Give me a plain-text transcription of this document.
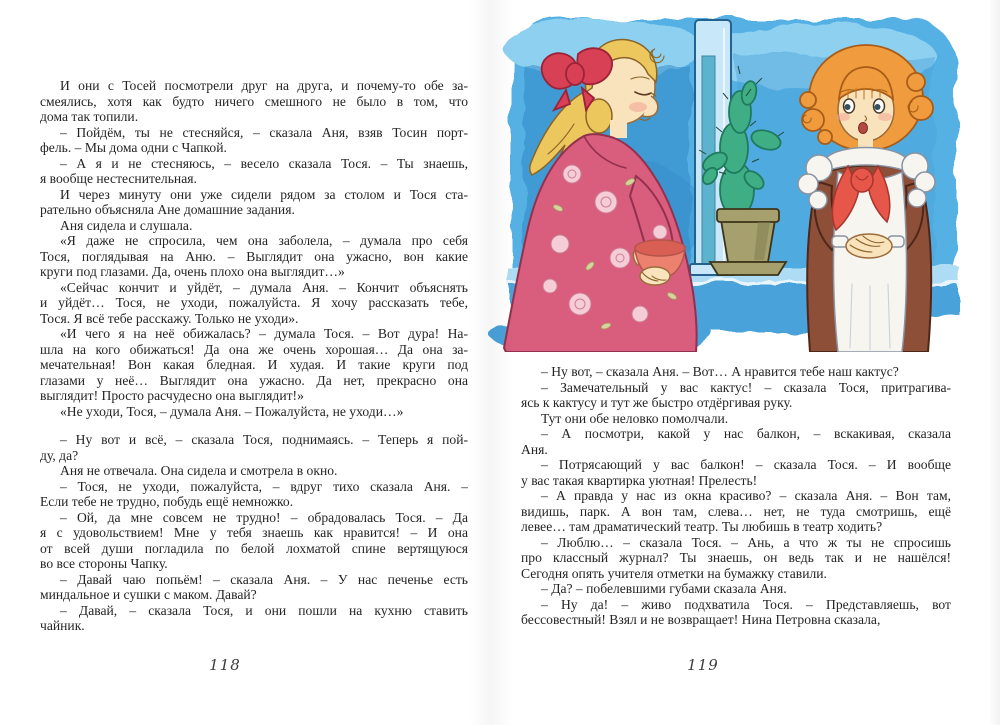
И они с Тосей посмотрели друг на друга, и почему-то обе за-
смеялись, хотя как будто ничего смешного не было в том, что
дома так топили.
– Пойдём, ты не стесняйся, – сказала Аня, взяв Тосин порт-
фель. – Мы дома одни с Чапкой.
– А я и не стесняюсь, – весело сказала Тося. – Ты знаешь,
я вообще нестеснительная.
И через минуту они уже сидели рядом за столом и Тося ста-
рательно объясняла Ане домашние задания.
Аня сидела и слушала.
«Я даже не спросила, чем она заболела, – думала про себя
Тося, поглядывая на Аню. – Выглядит она ужасно, вон какие
круги под глазами. Да, очень плохо она выглядит…»
«Сейчас кончит и уйдёт, – думала Аня. – Кончит объяснять
и уйдёт… Тося, не уходи, пожалуйста. Я хочу рассказать тебе,
Тося. Я всё тебе расскажу. Только не уходи».
«И чего я на неё обижалась? – думала Тося. – Вот дура! На-
шла на кого обижаться! Да она же очень хорошая… Да она за-
мечательная! Вон какая бледная. И худая. И такие круги под
глазами у неё… Выглядит она ужасно. Да нет, прекрасно она
выглядит! Просто расчудесно она выглядит!»
«Не уходи, Тося, – думала Аня. – Пожалуйста, не уходи…»
– Ну вот и всё, – сказала Тося, поднимаясь. – Теперь я пой-
ду, да?
Аня не отвечала. Она сидела и смотрела в окно.
– Тося, не уходи, пожалуйста, – вдруг тихо сказала Аня. –
Если тебе не трудно, побудь ещё немножко.
– Ой, да мне совсем не трудно! – обрадовалась Тося. – Да
я с удовольствием! Мне у тебя знаешь как нравится! – И она
от всей души погладила по белой лохматой спине вертящуюся
во все стороны Чапку.
– Давай чаю попьём! – сказала Аня. – У нас печенье есть
миндальное и сушки с маком. Давай?
– Давай, – сказала Тося, и они пошли на кухню ставить
чайник.
118
– Ну вот, – сказала Аня. – Вот… А нравится тебе наш кактус?
– Замечательный у вас кактус! – сказала Тося, притрагива-
ясь к кактусу и тут же быстро отдёргивая руку.
Тут они обе неловко помолчали.
– А посмотри, какой у нас балкон, – вскакивая, сказала
Аня.
– Потрясающий у вас балкон! – сказала Тося. – И вообще
у вас такая квартирка уютная! Прелесть!
– А правда у нас из окна красиво? – сказала Аня. – Вон там,
видишь, парк. А вон там, слева… нет, не туда смотришь, ещё
левее… там драматический театр. Ты любишь в театр ходить?
– Люблю… – сказала Тося. – Ань, а что ж ты не спросишь
про классный журнал? Ты знаешь, он ведь так и не нашёлся!
Сегодня опять учителя отметки на бумажку ставили.
– Да? – побелевшими губами сказала Аня.
– Ну да! – живо подхватила Тося. – Представляешь, вот
бессовестный! Взял и не возвращает! Нина Петровна сказала,
119
